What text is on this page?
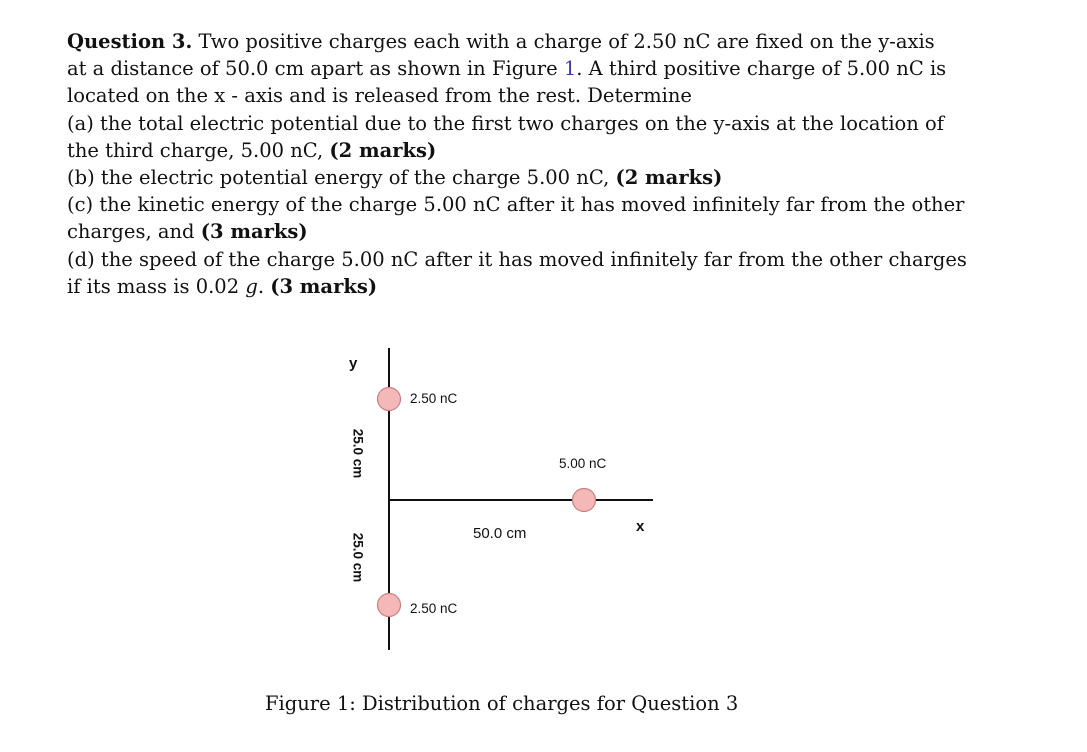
Question 3. Two positive charges each with a charge of 2.50 nC are fixed on the y-axis
at a distance of 50.0 cm apart as shown in Figure 1. A third positive charge of 5.00 nC is
located on the x - axis and is released from the rest. Determine
(a) the total electric potential due to the first two charges on the y-axis at the location of
the third charge, 5.00 nC, (2 marks)
(b) the electric potential energy of the charge 5.00 nC, (2 marks)
(c) the kinetic energy of the charge 5.00 nC after it has moved infinitely far from the other
charges, and (3 marks)
(d) the speed of the charge 5.00 nC after it has moved infinitely far from the other charges
if its mass is 0.02 g. (3 marks)
y
x
2.50 nC
2.50 nC
5.00 nC
50.0 cm
25.0 cm
25.0 cm
Figure 1: Distribution of charges for Question 3
